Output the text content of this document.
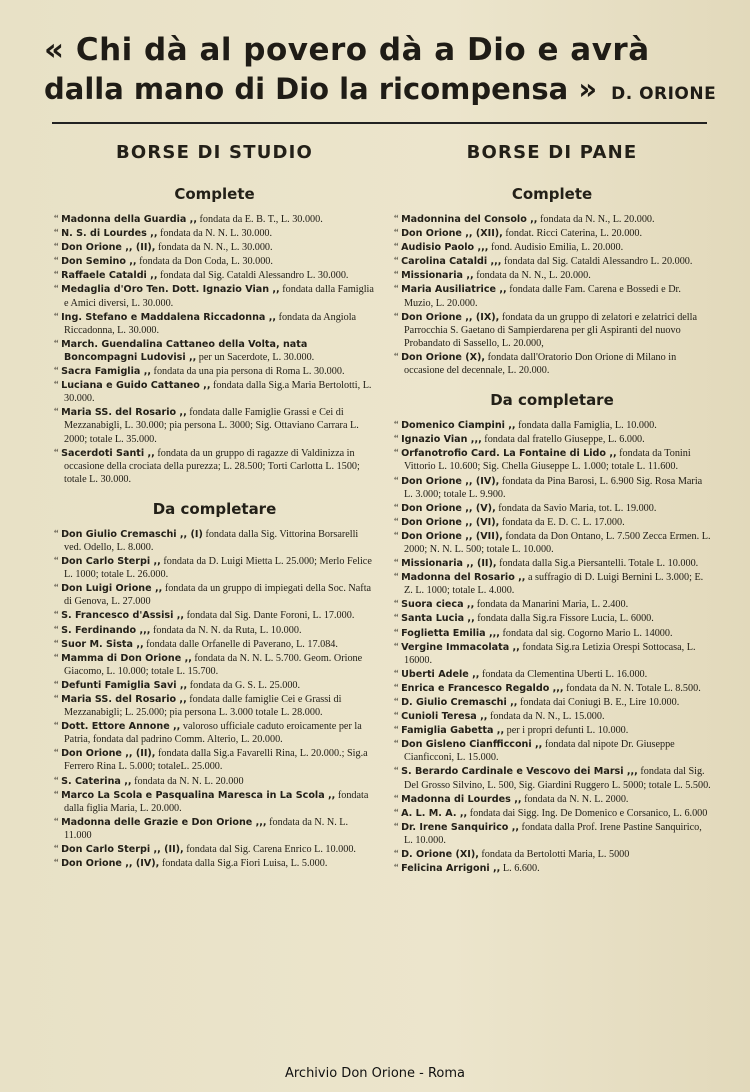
« Chi dà al povero dà a Dio e avrà
dalla mano di Dio la ricompensa » D. ORIONE
BORSE DI STUDIO
Complete

“ Madonna della Guardia ,, fondata da E. B. T., L. 30.000.

“ N. S. di Lourdes ,, fondata da N. N. L. 30.000.

“ Don Orione ,, (II), fondata da N. N., L. 30.000.

“ Don Semino ,, fondata da Don Coda, L. 30.000.

“ Raffaele Cataldi ,, fondata dal Sig. Cataldi Alessandro L. 30.000.

“ Medaglia d'Oro Ten. Dott. Ignazio Vian ,, fondata dalla Famiglia e Amici diversi, L. 30.000.

“ Ing. Stefano e Maddalena Riccadonna ,, fondata da Angiola Riccadonna, L. 30.000.

“ March. Guendalina Cattaneo della Volta, nata Boncompagni Ludovisi ,, per un Sacerdote, L. 30.000.

“ Sacra Famiglia ,, fondata da una pia persona di Roma L. 30.000.

“ Luciana e Guido Cattaneo ,, fondata dalla Sig.a Maria Bertolotti, L. 30.000.

“ Maria SS. del Rosario ,, fondata dalle Famiglie Grassi e Cei di Mezzanabigli, L. 30.000; pia persona L. 3000; Sig. Ottaviano Carrara L. 2000; totale L. 35.000.

“ Sacerdoti Santi ,, fondata da un gruppo di ragazze di Valdinizza in occasione della crociata della purezza; L. 28.500; Torti Carlotta L. 1500; totale L. 30.000.

Da completare

“ Don Giulio Cremaschi ,, (I) fondata dalla Sig. Vittorina Borsarelli ved. Odello, L. 8.000.

“ Don Carlo Sterpi ,, fondata da D. Luigi Mietta L. 25.000; Merlo Felice L. 1000; totale L. 26.000.

“ Don Luigi Orione ,, fondata da un gruppo di impiegati della Soc. Nafta di Genova, L. 27.000

“ S. Francesco d'Assisi ,, fondata dal Sig. Dante Foroni, L. 17.000.

“ S. Ferdinando ,,, fondata da N. N. da Ruta, L. 10.000.

“ Suor M. Sista ,, fondata dalle Orfanelle di Paverano, L. 17.084.

“ Mamma di Don Orione ,, fondata da N. N. L. 5.700. Geom. Orione Giacomo, L. 10.000; totale L. 15.700.

“ Defunti Famiglia Savi ,, fondata da G. S. L. 25.000.

“ Maria SS. del Rosario ,, fondata dalle famiglie Cei e Grassi di Mezzanabigli; L. 25.000; pia persona L. 3.000 totale L. 28.000.

“ Dott. Ettore Annone ,, valoroso ufficiale caduto eroicamente per la Patria, fondata dal padrino Comm. Alterio, L. 20.000.

“ Don Orione ,, (II), fondata dalla Sig.a Favarelli Rina, L. 20.000.; Sig.a Ferrero Rina L. 5.000; totaleL. 25.000.

“ S. Caterina ,, fondata da N. N. L. 20.000

“ Marco La Scola e Pasqualina Maresca in La Scola ,, fondata dalla figlia Maria, L. 20.000.

“ Madonna delle Grazie e Don Orione ,,, fondata da N. N. L. 11.000

“ Don Carlo Sterpi ,, (II), fondata dal Sig. Carena Enrico L. 10.000.

“ Don Orione ,, (IV), fondata dalla Sig.a Fiori Luisa, L. 5.000.

BORSE DI PANE
Complete

“ Madonnina del Consolo ,, fondata da N. N., L. 20.000.

“ Don Orione ,, (XII), fondat. Ricci Caterina, L. 20.000.

“ Audisio Paolo ,,, fond. Audisio Emilia, L. 20.000.

“ Carolina Cataldi ,,, fondata dal Sig. Cataldi Alessandro L. 20.000.

“ Missionaria ,, fondata da N. N., L. 20.000.

“ Maria Ausiliatrice ,, fondata dalle Fam. Carena e Bossedi e Dr. Muzio, L. 20.000.

“ Don Orione ,, (IX), fondata da un gruppo di zelatori e zelatrici della Parrocchia S. Gaetano di Sampierdarena per gli Aspiranti del nuovo Probandato di Sassello, L. 20.000,

“ Don Orione (X), fondata dall'Oratorio Don Orione di Milano in occasione del decennale, L. 20.000.

Da completare

“ Domenico Ciampini ,, fondata dalla Famiglia, L. 10.000.

“ Ignazio Vian ,,, fondata dal fratello Giuseppe, L. 6.000.

“ Orfanotrofio Card. La Fontaine di Lido ,, fondata da Tonini Vittorio L. 10.600; Sig. Chella Giuseppe L. 1.000; totale L. 11.600.

“ Don Orione ,, (IV), fondata da Pina Barosi, L. 6.900 Sig. Rosa Maria L. 3.000; totale L. 9.900.

“ Don Orione ,, (V), fondata da Savio Maria, tot. L. 19.000.

“ Don Orione ,, (VI), fondata da E. D. C. L. 17.000.

“ Don Orione ,, (VII), fondata da Don Ontano, L. 7.500 Zecca Ermen. L. 2000; N. N. L. 500; totale L. 10.000.

“ Missionaria ,, (II), fondata dalla Sig.a Piersantelli. Totale L. 10.000.

“ Madonna del Rosario ,, a suffragio di D. Luigi Bernini L. 3.000; E. Z. L. 1000; totale L. 4.000.

“ Suora cieca ,, fondata da Manarini Maria, L. 2.400.

“ Santa Lucia ,, fondata dalla Sig.ra Fissore Lucia, L. 6000.

“ Foglietta Emilia ,,, fondata dal sig. Cogorno Mario L. 14000.

“ Vergine Immacolata ,, fondata Sig.ra Letizia Orespi Sottocasa, L. 16000.

“ Uberti Adele ,, fondata da Clementina Uberti L. 16.000.

“ Enrica e Francesco Regaldo ,,, fondata da N. N. Totale L. 8.500.

“ D. Giulio Cremaschi ,, fondata dai Coniugi B. E., Lire 10.000.

“ Cunioli Teresa ,, fondata da N. N., L. 15.000.

“ Famiglia Gabetta ,, per i propri defunti L. 10.000.

“ Don Gisleno Cianfficconi ,, fondata dal nipote Dr. Giuseppe Cianficconi, L. 15.000.

“ S. Berardo Cardinale e Vescovo dei Marsi ,,, fondata dal Sig. Del Grosso Silvino, L. 500, Sig. Giardini Ruggero L. 5000; totale L. 5.500.

“ Madonna di Lourdes ,, fondata da N. N. L. 2000.

“ A. L. M. A. ,, fondata dai Sigg. Ing. De Domenico e Corsanico, L. 6.000

“ Dr. Irene Sanquirico ,, fondata dalla Prof. Irene Pastine Sanquirico, L. 10.000.

“ D. Orione (XI), fondata da Bertolotti Maria, L. 5000

“ Felicina Arrigoni ,, L. 6.600.

Archivio Don Orione - Roma
